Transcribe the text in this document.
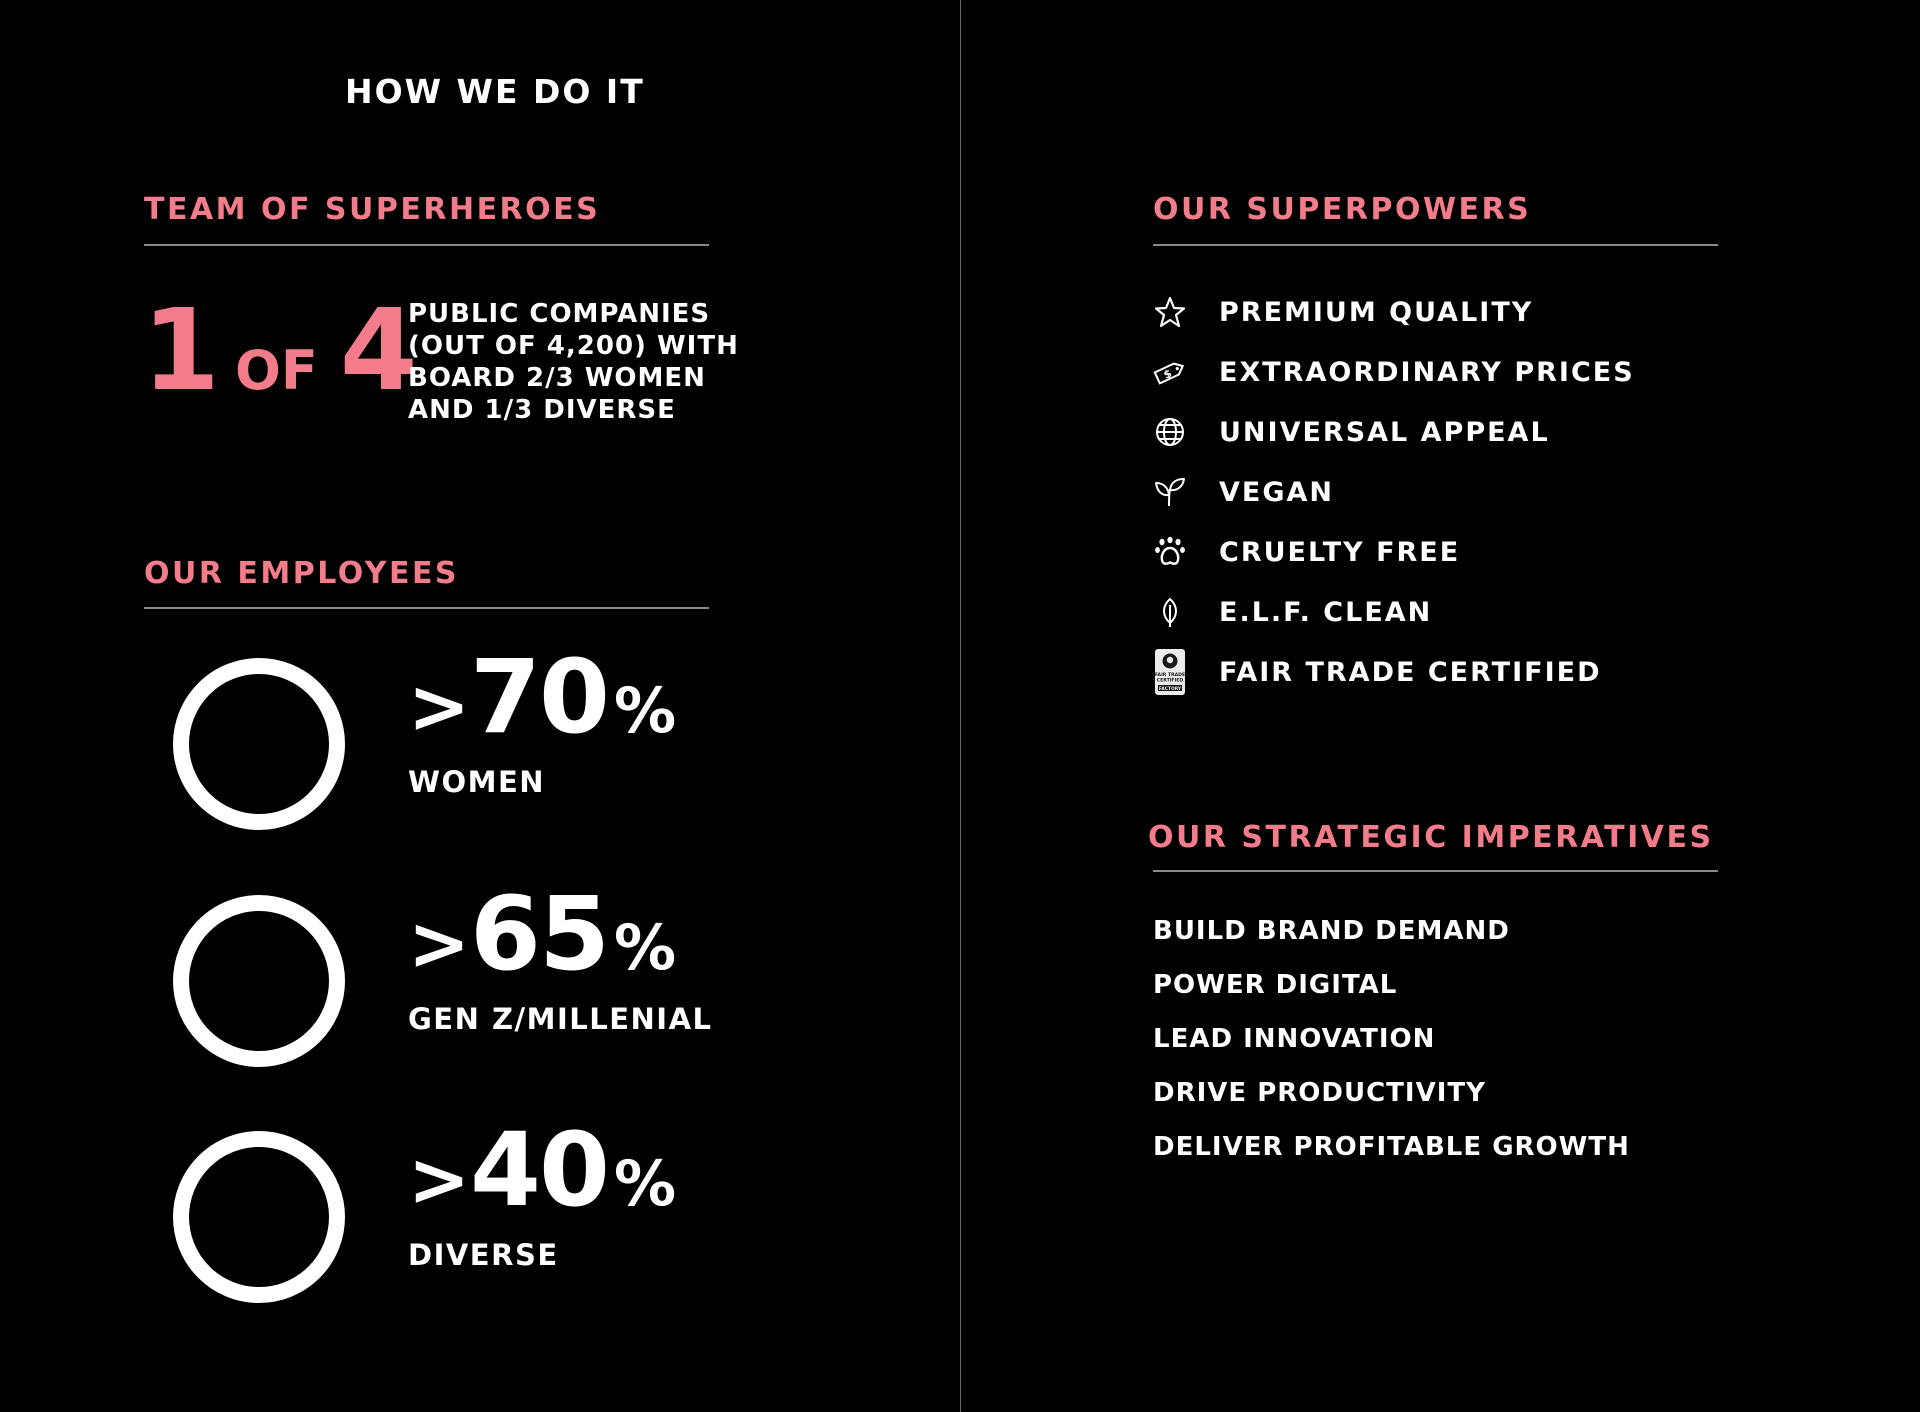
HOW WE DO IT
TEAM OF SUPERHEROES
1 OF 4
PUBLIC COMPANIES
(OUT OF 4,200) WITH
BOARD 2/3 WOMEN
AND 1/3 DIVERSE
OUR EMPLOYEES
>70%
WOMEN
>65%
GEN Z/MILLENIAL
>40%
DIVERSE
OUR SUPERPOWERS
PREMIUM QUALITY
$ EXTRAORDINARY PRICES
UNIVERSAL APPEAL
VEGAN
CRUELTY FREE
E.L.F. CLEAN
FAIR TRADE
CERTIFIED
FACTORY
FAIR TRADE CERTIFIED
OUR STRATEGIC IMPERATIVES
BUILD BRAND DEMAND
POWER DIGITAL
LEAD INNOVATION
DRIVE PRODUCTIVITY
DELIVER PROFITABLE GROWTH
